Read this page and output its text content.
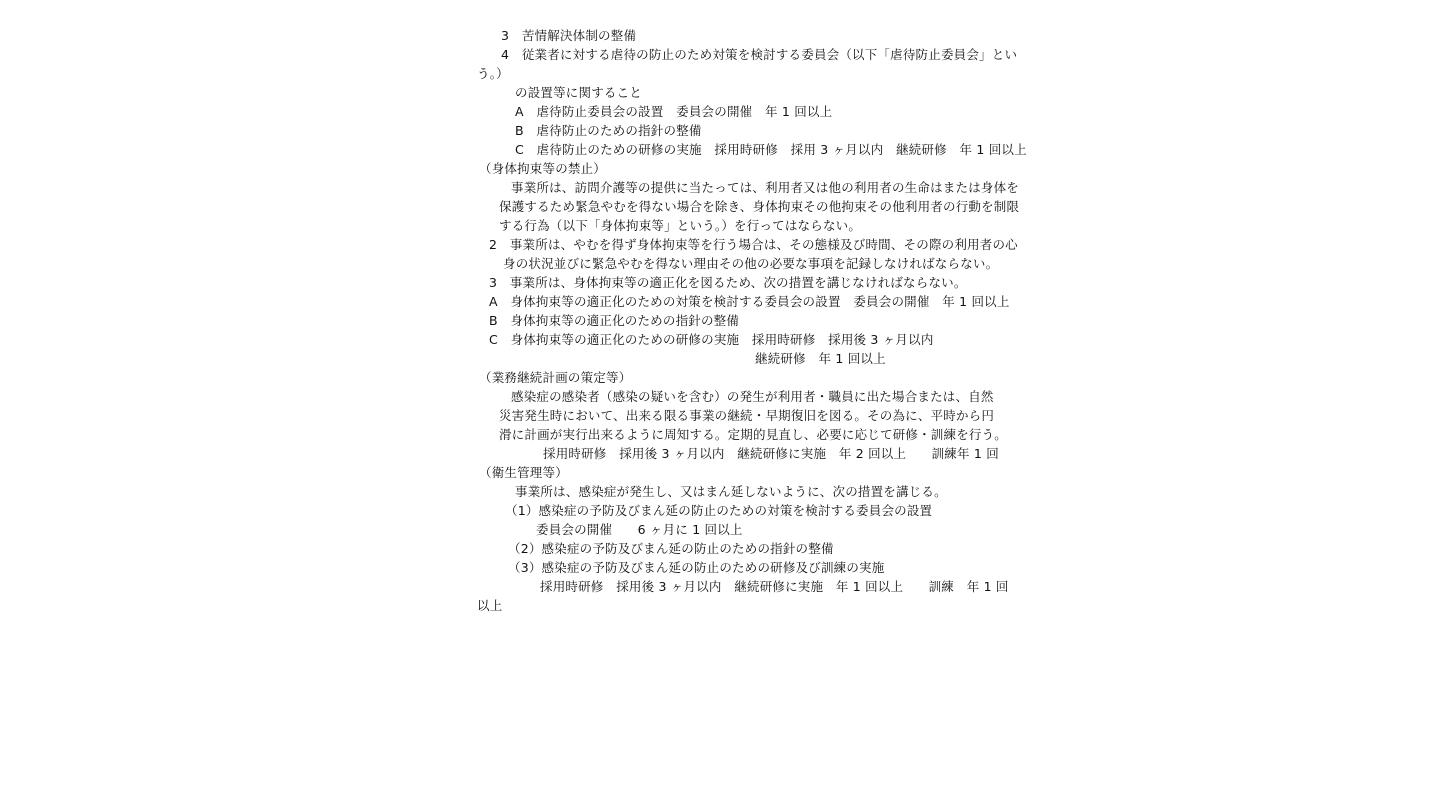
3　苦情解決体制の整備
4　従業者に対する虐待の防止のため対策を検討する委員会（以下「虐待防止委員会」とい
う。）
の設置等に関すること
A　虐待防止委員会の設置　委員会の開催　年 1 回以上
B　虐待防止のための指針の整備
C　虐待防止のための研修の実施　採用時研修　採用 3 ヶ月以内　継続研修　年 1 回以上
（身体拘束等の禁止）
事業所は、訪問介護等の提供に当たっては、利用者又は他の利用者の生命はまたは身体を
保護するため緊急やむを得ない場合を除き、身体拘束その他拘束その他利用者の行動を制限
する行為（以下「身体拘束等」という。）を行ってはならない。
2　事業所は、やむを得ず身体拘束等を行う場合は、その態様及び時間、その際の利用者の心
身の状況並びに緊急やむを得ない理由その他の必要な事項を記録しなければならない。
3　事業所は、身体拘束等の適正化を図るため、次の措置を講じなければならない。
A　身体拘束等の適正化のための対策を検討する委員会の設置　委員会の開催　年 1 回以上
B　身体拘束等の適正化のための指針の整備
C　身体拘束等の適正化のための研修の実施　採用時研修　採用後 3 ヶ月以内
継続研修　年 1 回以上
（業務継続計画の策定等）
感染症の感染者（感染の疑いを含む）の発生が利用者・職員に出た場合または、自然
災害発生時において、出来る限る事業の継続・早期復旧を図る。その為に、平時から円
滑に計画が実行出来るように周知する。定期的見直し、必要に応じて研修・訓練を行う。
採用時研修　採用後 3 ヶ月以内　継続研修に実施　年 2 回以上　　訓練年 1 回
（衛生管理等）
事業所は、感染症が発生し、又はまん延しないように、次の措置を講じる。
（1）感染症の予防及びまん延の防止のための対策を検討する委員会の設置
委員会の開催　　6 ヶ月に 1 回以上
（2）感染症の予防及びまん延の防止のための指針の整備
（3）感染症の予防及びまん延の防止のための研修及び訓練の実施
採用時研修　採用後 3 ヶ月以内　継続研修に実施　年 1 回以上　　訓練　年 1 回
以上
